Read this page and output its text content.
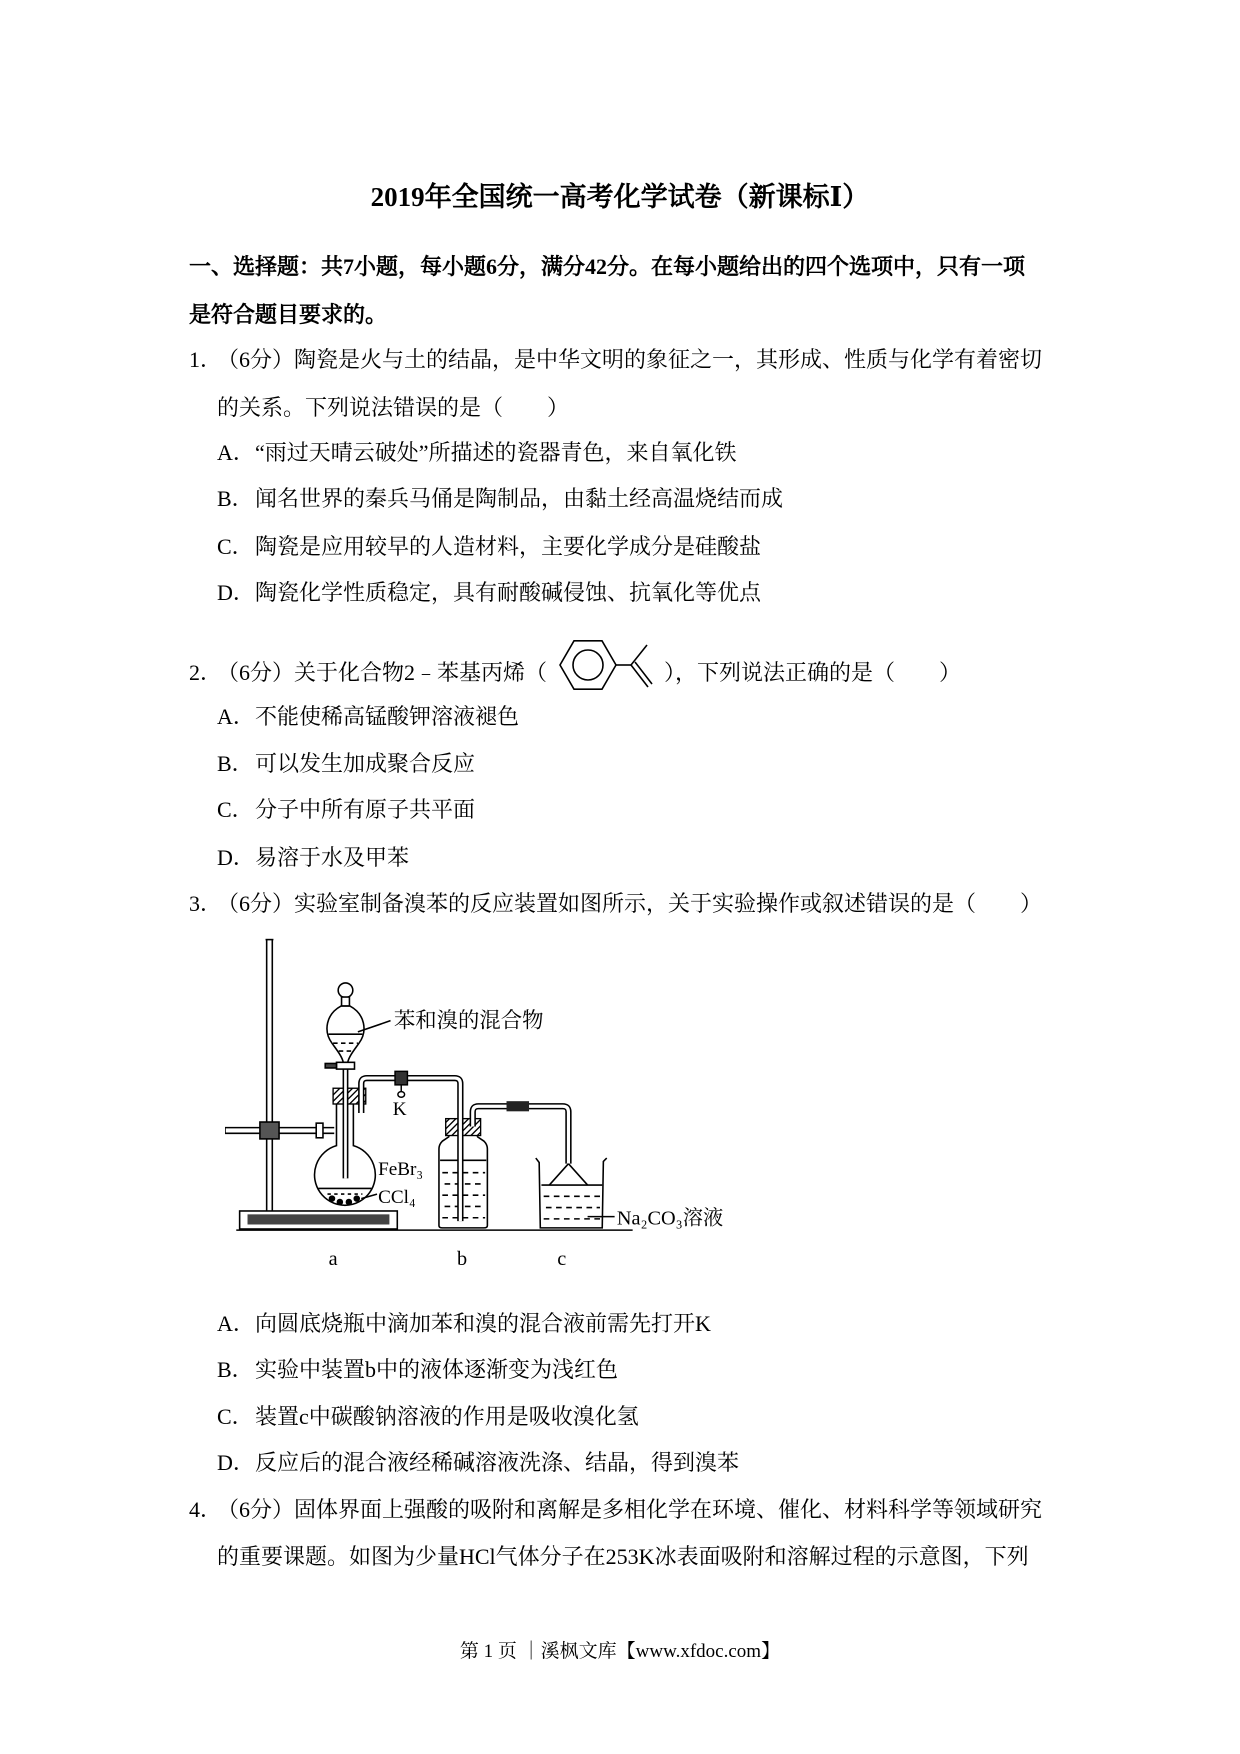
2019年全国统一高考化学试卷（新课标Ⅰ）
一、选择题：共7小题，每小题6分，满分42分。在每小题给出的四个选项中，只有一项
是符合题目要求的。
1．
（6分）陶瓷是火与土的结晶，是中华文明的象征之一，其形成、性质与化学有着密切
的关系。下列说法错误的是（　　）
A．“雨过天晴云破处”所描述的瓷器青色，来自氧化铁
B．闻名世界的秦兵马俑是陶制品，由黏土经高温烧结而成
C．陶瓷是应用较早的人造材料，主要化学成分是硅酸盐
D．陶瓷化学性质稳定，具有耐酸碱侵蚀、抗氧化等优点
2．
（6分）关于化合物2﹣苯基丙烯（	），下列说法正确的是（　　）
A．不能使稀高锰酸钾溶液褪色
B．可以发生加成聚合反应
C．分子中所有原子共平面
D．易溶于水及甲苯
3．
（6分）实验室制备溴苯的反应装置如图所示，关于实验操作或叙述错误的是（　　）
苯和溴的混合物
K
FeBr₃
CCl₄
Na₂CO₃溶液
a	b	c
A．向圆底烧瓶中滴加苯和溴的混合液前需先打开K
B．实验中装置b中的液体逐渐变为浅红色
C．装置c中碳酸钠溶液的作用是吸收溴化氢
D．反应后的混合液经稀碱溶液洗涤、结晶，得到溴苯
4．
（6分）固体界面上强酸的吸附和离解是多相化学在环境、催化、材料科学等领域研究
的重要课题。如图为少量HCl气体分子在253K冰表面吸附和溶解过程的示意图，下列
第 1 页 ｜溪枫文库【www.xfdoc.com】
